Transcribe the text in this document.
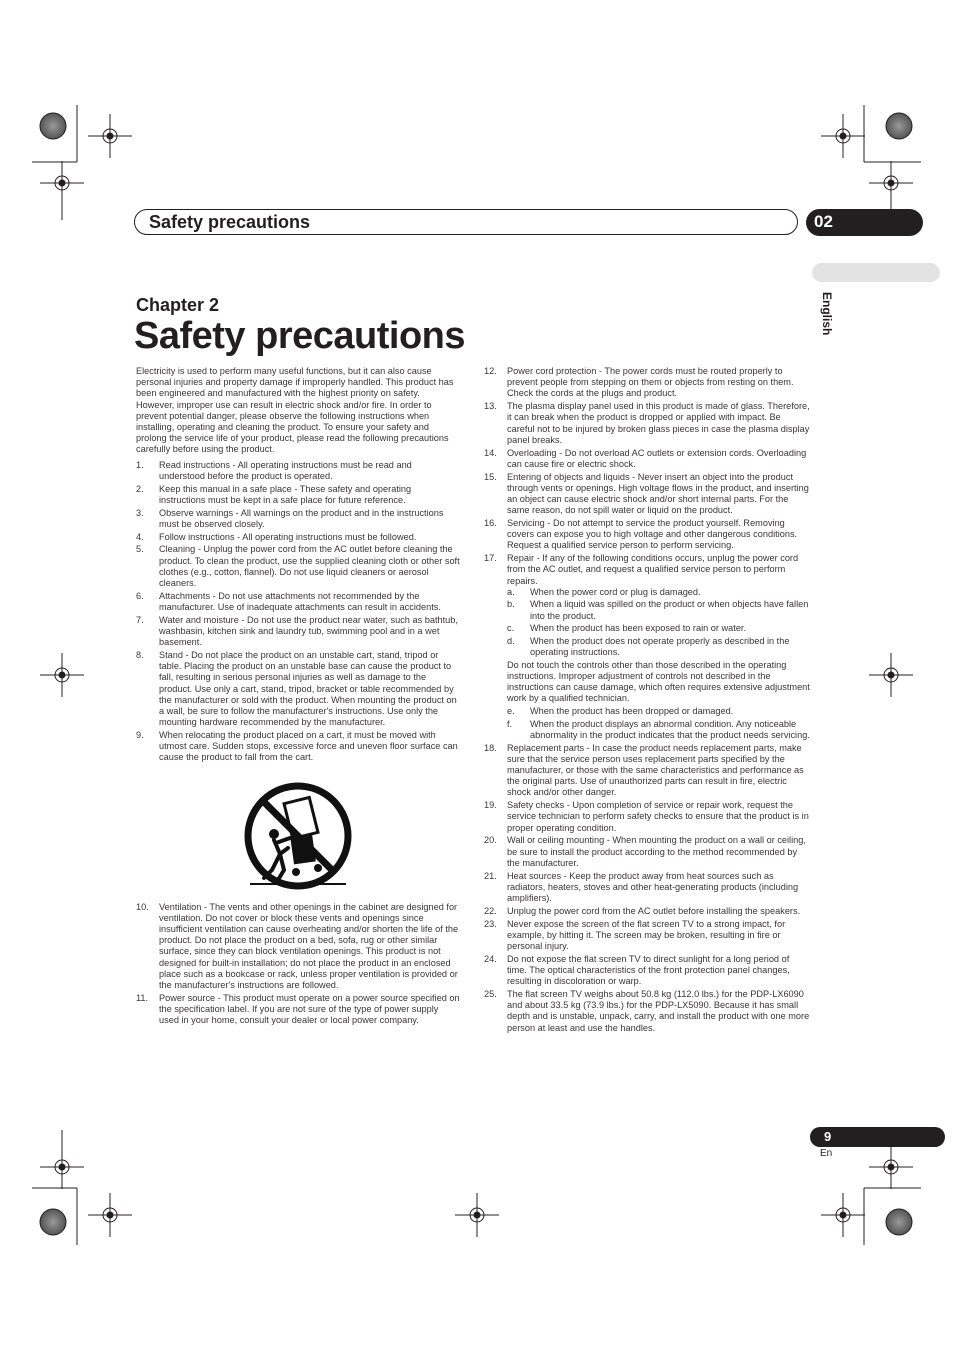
Safety precautions	02
English
Chapter 2
Safety precautions

Electricity is used to perform many useful functions, but it can also cause personal injuries and property damage if improperly handled. This product has been engineered and manufactured with the highest priority on safety. However, improper use can result in electric shock and/or fire. In order to prevent potential danger, please observe the following instructions when installing, operating and cleaning the product. To ensure your safety and prolong the service life of your product, please read the following precautions carefully before using the product.

1. Read instructions - All operating instructions must be read and understood before the product is operated.
2. Keep this manual in a safe place - These safety and operating instructions must be kept in a safe place for future reference.
3. Observe warnings - All warnings on the product and in the instructions must be observed closely.
4. Follow instructions - All operating instructions must be followed.
5. Cleaning - Unplug the power cord from the AC outlet before cleaning the product. To clean the product, use the supplied cleaning cloth or other soft clothes (e.g., cotton, flannel). Do not use liquid cleaners or aerosol cleaners.
6. Attachments - Do not use attachments not recommended by the manufacturer. Use of inadequate attachments can result in accidents.
7. Water and moisture - Do not use the product near water, such as bathtub, washbasin, kitchen sink and laundry tub, swimming pool and in a wet basement.
8. Stand - Do not place the product on an unstable cart, stand, tripod or table. Placing the product on an unstable base can cause the product to fall, resulting in serious personal injuries as well as damage to the product. Use only a cart, stand, tripod, bracket or table recommended by the manufacturer or sold with the product. When mounting the product on a wall, be sure to follow the manufacturer's instructions. Use only the mounting hardware recommended by the manufacturer.
9. When relocating the product placed on a cart, it must be moved with utmost care. Sudden stops, excessive force and uneven floor surface can cause the product to fall from the cart.
10. Ventilation - The vents and other openings in the cabinet are designed for ventilation. Do not cover or block these vents and openings since insufficient ventilation can cause overheating and/or shorten the life of the product. Do not place the product on a bed, sofa, rug or other similar surface, since they can block ventilation openings. This product is not designed for built-in installation; do not place the product in an enclosed place such as a bookcase or rack, unless proper ventilation is provided or the manufacturer's instructions are followed.
11. Power source - This product must operate on a power source specified on the specification label. If you are not sure of the type of power supply used in your home, consult your dealer or local power company.
12. Power cord protection - The power cords must be routed properly to prevent people from stepping on them or objects from resting on them. Check the cords at the plugs and product.
13. The plasma display panel used in this product is made of glass. Therefore, it can break when the product is dropped or applied with impact. Be careful not to be injured by broken glass pieces in case the plasma display panel breaks.
14. Overloading - Do not overload AC outlets or extension cords. Overloading can cause fire or electric shock.
15. Entering of objects and liquids - Never insert an object into the product through vents or openings. High voltage flows in the product, and inserting an object can cause electric shock and/or short internal parts. For the same reason, do not spill water or liquid on the product.
16. Servicing - Do not attempt to service the product yourself. Removing covers can expose you to high voltage and other dangerous conditions. Request a qualified service person to perform servicing.
17. Repair - If any of the following conditions occurs, unplug the power cord from the AC outlet, and request a qualified service person to perform repairs.
a. When the power cord or plug is damaged.
b. When a liquid was spilled on the product or when objects have fallen into the product.
c. When the product has been exposed to rain or water.
d. When the product does not operate properly as described in the operating instructions.
Do not touch the controls other than those described in the operating instructions. Improper adjustment of controls not described in the instructions can cause damage, which often requires extensive adjustment work by a qualified technician.
e. When the product has been dropped or damaged.
f. When the product displays an abnormal condition. Any noticeable abnormality in the product indicates that the product needs servicing.
18. Replacement parts - In case the product needs replacement parts, make sure that the service person uses replacement parts specified by the manufacturer, or those with the same characteristics and performance as the original parts. Use of unauthorized parts can result in fire, electric shock and/or other danger.
19. Safety checks - Upon completion of service or repair work, request the service technician to perform safety checks to ensure that the product is in proper operating condition.
20. Wall or ceiling mounting - When mounting the product on a wall or ceiling, be sure to install the product according to the method recommended by the manufacturer.
21. Heat sources - Keep the product away from heat sources such as radiators, heaters, stoves and other heat-generating products (including amplifiers).
22. Unplug the power cord from the AC outlet before installing the speakers.
23. Never expose the screen of the flat screen TV to a strong impact, for example, by hitting it. The screen may be broken, resulting in fire or personal injury.
24. Do not expose the flat screen TV to direct sunlight for a long period of time. The optical characteristics of the front protection panel changes, resulting in discoloration or warp.
25. The flat screen TV weighs about 50.8 kg (112.0 lbs.) for the PDP-LX6090 and about 33.5 kg (73.9 lbs.) for the PDP-LX5090. Because it has small depth and is unstable, unpack, carry, and install the product with one more person at least and use the handles.
9
En
